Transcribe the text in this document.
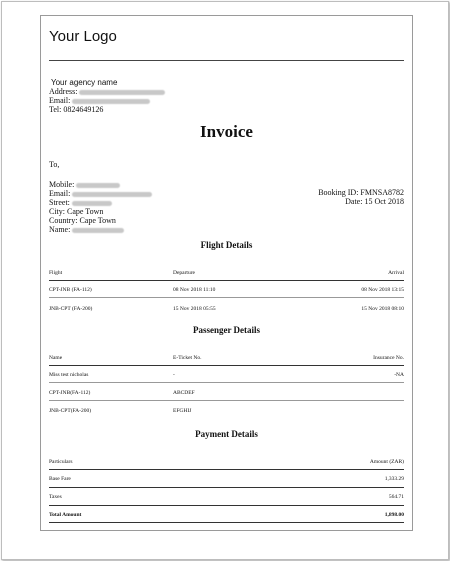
Your Logo
Your agency name
Address:
Email:
Tel: 0824649126
Invoice
To,
Mobile:
Email:
Street:
City: Cape Town
Country: Cape Town
Name:
Booking ID: FMNSA8782
Date: 15 Oct 2018
Flight Details
Flight	Departure	Arrival
CPT-JNB (FA-112)	08 Nov 2018 11:10	08 Nov 2018 13:15
JNB-CPT (FA-200)	15 Nov 2018 05:55	15 Nov 2018 08:10
Passenger Details
Name	E-Ticket No.	Insurance No.
Miss test nicholas	-	-NA
CPT-JNB(FA-112)	ABCDEF
JNB-CPT(FA-200)	EFGHIJ
Payment Details
Particulars	Amount (ZAR)
Base Fare	1,333.29
Taxes	564.71
Total Amount	1,898.00
